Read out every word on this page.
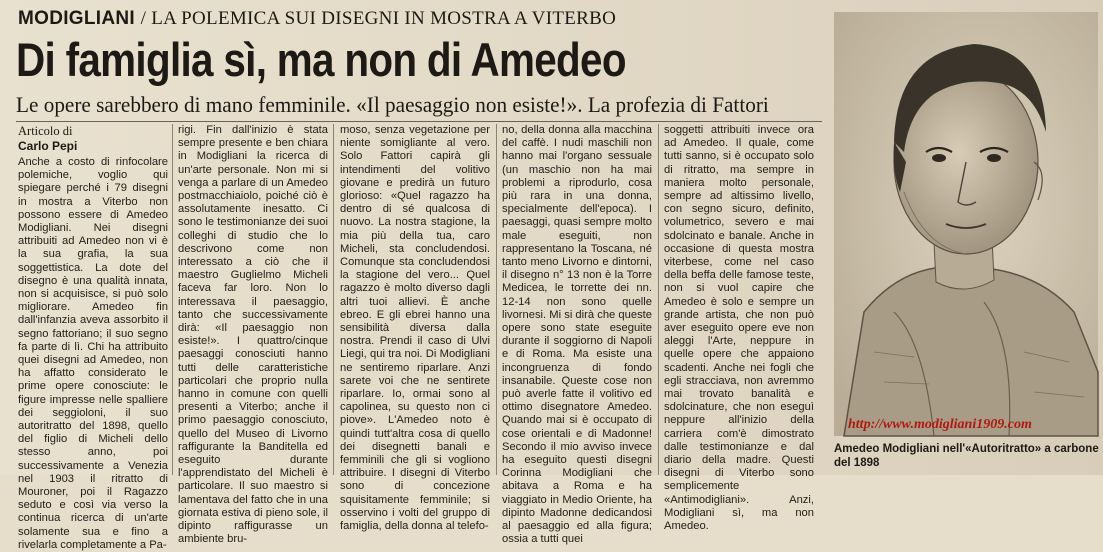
MODIGLIANI / LA POLEMICA SUI DISEGNI IN MOSTRA A VITERBO
Di famiglia sì, ma non di Amedeo
Le opere sarebbero di mano femminile. «Il paesaggio non esiste!». La profezia di Fattori
Articolo di
Carlo Pepi
Anche a costo di rinfocolare polemiche, voglio qui spiegare perché i 79 disegni in mostra a Viterbo non possono essere di Amedeo Modigliani. Nei disegni attribuiti ad Amedeo non vi è la sua grafia, la sua soggettistica. La dote del disegno è una qualità innata, non si acquisisce, si può solo migliorare. Amedeo fin dall'infanzia aveva assorbito il segno fattoriano; il suo segno fa parte di lì. Chi ha attribuito quei disegni ad Amedeo, non ha affatto considerato le prime opere conosciute: le figure impresse nelle spalliere dei seggioloni, il suo autoritratto del 1898, quello del figlio di Micheli dello stesso anno, poi successivamente a Venezia nel 1903 il ritratto di Mouroner, poi il Ragazzo seduto e così via verso la continua ricerca di un'arte solamente sua e fino a rivelarla completamente a Pa-
rigi. Fin dall'inizio è stata sempre presente e ben chiara in Modigliani la ricerca di un'arte personale. Non mi si venga a parlare di un Amedeo postmacchiaiolo, poiché ciò è assolutamente inesatto. Ci sono le testimonianze dei suoi colleghi di studio che lo descrivono come non interessato a ciò che il maestro Guglielmo Micheli faceva far loro. Non lo interessava il paesaggio, tanto che successivamente dirà: «Il paesaggio non esiste!». I quattro/cinque paesaggi conosciuti hanno tutti delle caratteristiche particolari che proprio nulla hanno in comune con quelli presenti a Viterbo; anche il primo paesaggio conosciuto, quello del Museo di Livorno raffigurante la Banditella ed eseguito durante l'apprendistato del Micheli è particolare. Il suo maestro si lamentava del fatto che in una giornata estiva di pieno sole, il dipinto raffigurasse un ambiente bru-
moso, senza vegetazione per niente somigliante al vero. Solo Fattori capirà gli intendimenti del volitivo giovane e predirà un futuro glorioso: «Quel ragazzo ha dentro di sé qualcosa di nuovo. La nostra stagione, la mia più della tua, caro Micheli, sta concludendosi. Comunque sta concludendosi la stagione del vero... Quel ragazzo è molto diverso dagli altri tuoi allievi. È anche ebreo. E gli ebrei hanno una sensibilità diversa dalla nostra. Prendi il caso di Ulvi Liegi, qui tra noi. Di Modigliani ne sentiremo riparlare. Anzi sarete voi che ne sentirete riparlare. Io, ormai sono al capolinea, su questo non ci piove». L'Amedeo noto è quindi tutt'altra cosa di quello dei disegnetti banali e femminili che gli si vogliono attribuire. I disegni di Viterbo sono di concezione squisitamente femminile; si osservino i volti del gruppo di famiglia, della donna al telefo-
no, della donna alla macchina del caffè. I nudi maschili non hanno mai l'organo sessuale (un maschio non ha mai problemi a riprodurlo, cosa più rara in una donna, specialmente dell'epoca). I paesaggi, quasi sempre molto male eseguiti, non rappresentano la Toscana, né tanto meno Livorno e dintorni, il disegno n° 13 non è la Torre Medicea, le torrette dei nn. 12-14 non sono quelle livornesi. Mi si dirà che queste opere sono state eseguite durante il soggiorno di Napoli e di Roma. Ma esiste una incongruenza di fondo insanabile. Queste cose non può averle fatte il volitivo ed ottimo disegnatore Amedeo. Quando mai si è occupato di cose orientali e di Madonne! Secondo il mio avviso invece ha eseguito questi disegni Corinna Modigliani che abitava a Roma e ha viaggiato in Medio Oriente, ha dipinto Madonne dedicandosi al paesaggio ed alla figura; ossia a tutti quei
soggetti attribuiti invece ora ad Amedeo. Il quale, come tutti sanno, si è occupato solo di ritratto, ma sempre in maniera molto personale, sempre ad altissimo livello, con segno sicuro, definito, volumetrico, severo e mai sdolcinato e banale. Anche in occasione di questa mostra viterbese, come nel caso della beffa delle famose teste, non si vuol capire che Amedeo è solo e sempre un grande artista, che non può aver eseguito opere eve non aleggi l'Arte, neppure in quelle opere che appaiono scadenti. Anche nei fogli che egli stracciava, non avremmo mai trovato banalità e sdolcinature, che non eseguì neppure all'inizio della carriera com'è dimostrato dalle testimonianze e dal diario della madre. Questi disegni di Viterbo sono semplicemente «Antimodigliani». Anzi, Modigliani sì, ma non Amedeo.
http://www.modigliani1909.com
Amedeo Modigliani nell'«Autoritratto» a carbone del 1898
